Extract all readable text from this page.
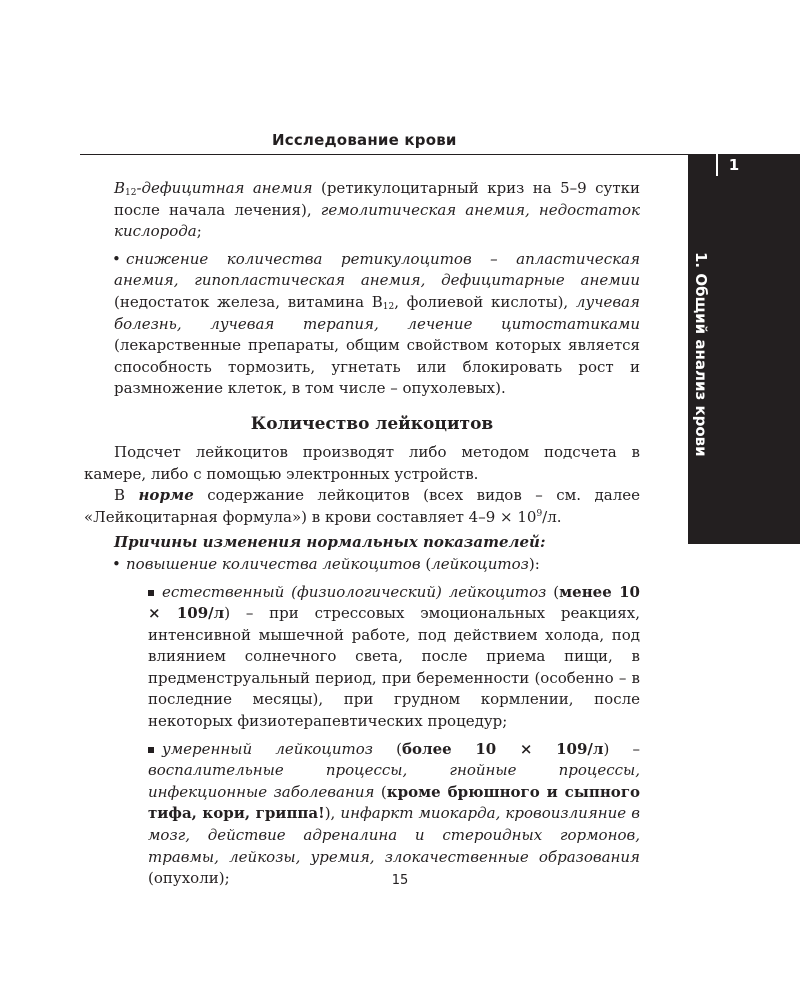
Исследование крови
1
1. Общий анализ крови

$В_{12}$-дефицитная анемия (ретикулоцитарный криз на 5–9 сутки после начала лечения), гемолитическая анемия, недостаток кислорода;

• снижение количества ретикулоцитов – апластическая анемия, гипопластическая анемия, дефицитарные анемии (недостаток железа, витамина $B_{12}$, фолиевой кислоты), лучевая болезнь, лучевая терапия, лечение цитостатиками (лекарственные препараты, общим свойством которых является способность тормозить, угнетать или блокировать рост и размножение клеток, в том числе – опухолевых).

Количество лейкоцитов

Подсчет лейкоцитов производят либо методом подсчета в камере, либо с помощью электронных устройств.

В норме содержание лейкоцитов (всех видов – см. далее «Лейкоцитарная формула») в крови составляет $4-9 \times 10^9/л$.

Причины изменения нормальных показателей:

• повышение количества лейкоцитов (лейкоцитоз):

естественный (физиологический) лейкоцитоз (менее 10 × 109/л) – при стрессовых эмоциональных реакциях, интенсивной мышечной работе, под действием холода, под влиянием солнечного света, после приема пищи, в предменструальный период, при беременности (особенно – в последние месяцы), при грудном кормлении, после некоторых физиотерапевтических процедур;

умеренный лейкоцитоз (более 10 × 109/л) – воспалительные процессы, гнойные процессы, инфекционные заболевания (кроме брюшного и сыпного тифа, кори, гриппа!), инфаркт миокарда, кровоизлияние в мозг, действие адреналина и стероидных гормонов, травмы, лейкозы, уремия, злокачественные образования (опухоли);	15
